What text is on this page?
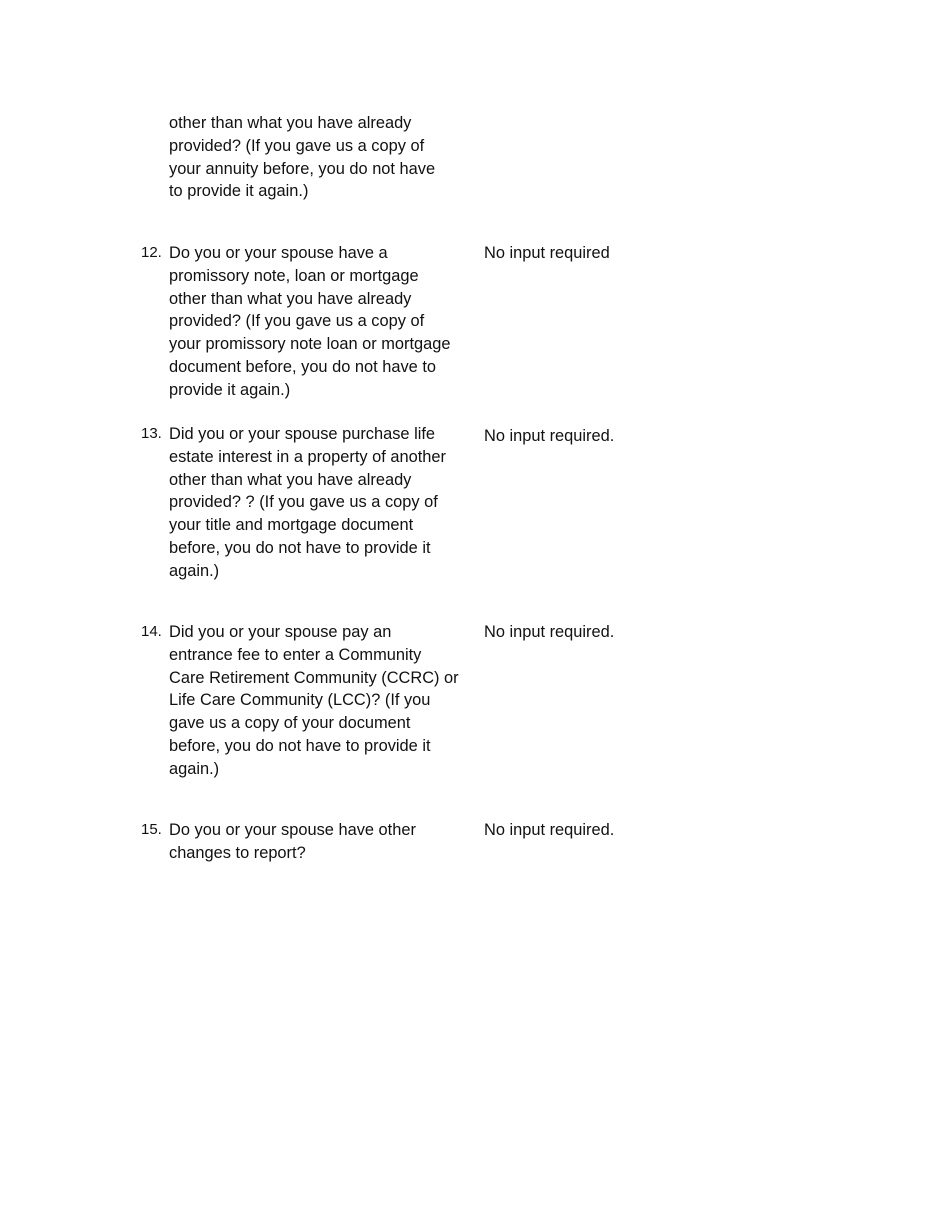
other than what you have already
provided? (If you gave us a copy of
your annuity before, you do not have
to provide it again.)
12. Do you or your spouse have a
promissory note, loan or mortgage
other than what you have already
provided? (If you gave us a copy of
your promissory note loan or mortgage
document before, you do not have to
provide it again.)
No input required
13. Did you or your spouse purchase life
estate interest in a property of another
other than what you have already
provided? ? (If you gave us a copy of
your title and mortgage document
before, you do not have to provide it
again.)
No input required.
14. Did you or your spouse pay an
entrance fee to enter a Community
Care Retirement Community (CCRC) or
Life Care Community (LCC)? (If you
gave us a copy of your document
before, you do not have to provide it
again.)
No input required.
15. Do you or your spouse have other
changes to report?
No input required.
